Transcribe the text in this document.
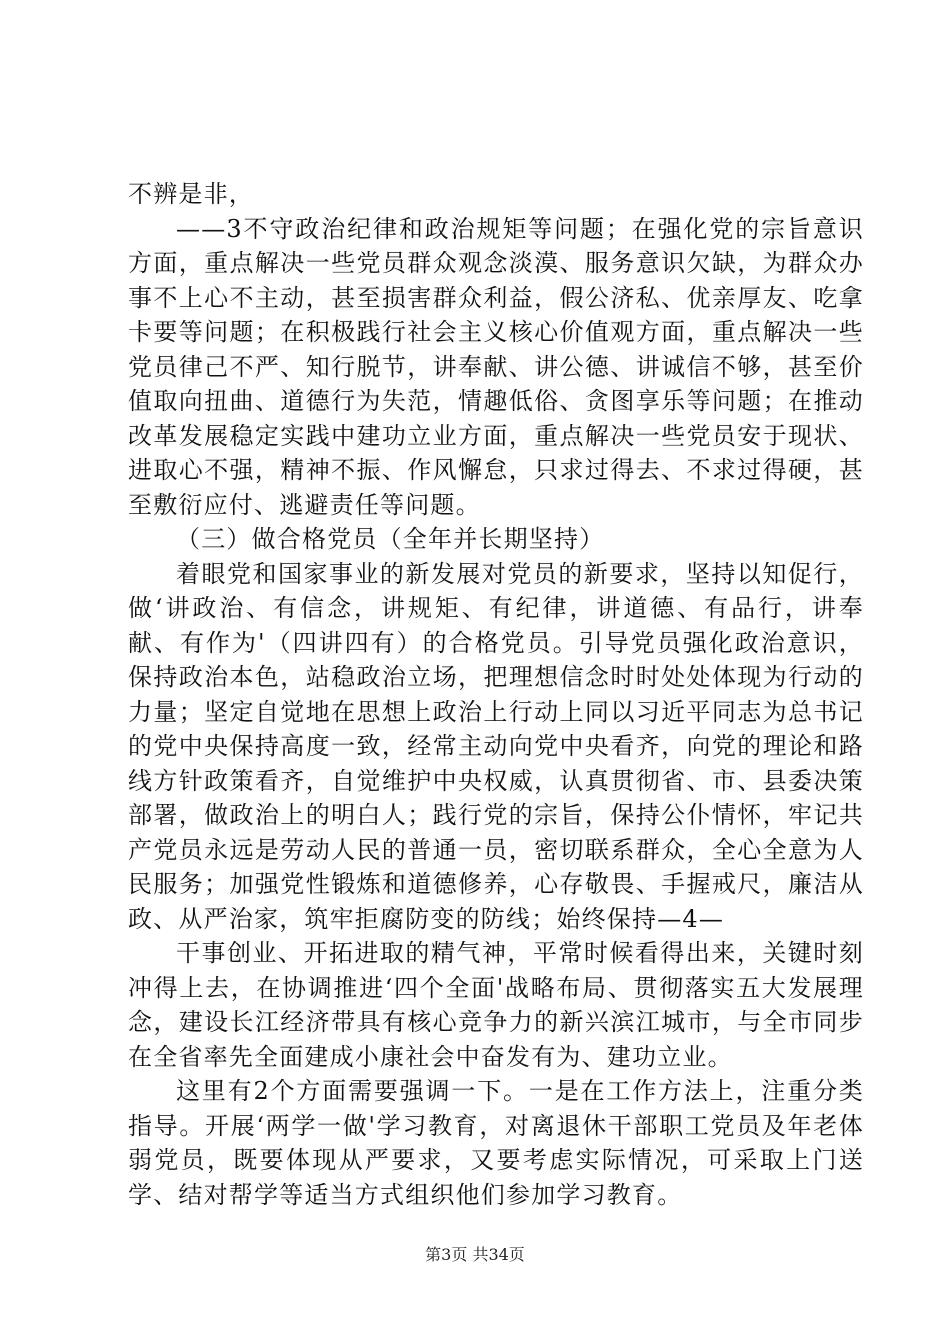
不辨是非，

——3不守政治纪律和政治规矩等问题；在强化党的宗旨意识方面，重点解决一些党员群众观念淡漠、服务意识欠缺，为群众办事不上心不主动，甚至损害群众利益，假公济私、优亲厚友、吃拿卡要等问题；在积极践行社会主义核心价值观方面，重点解决一些党员律己不严、知行脱节，讲奉献、讲公德、讲诚信不够，甚至价值取向扭曲、道德行为失范，情趣低俗、贪图享乐等问题；在推动改革发展稳定实践中建功立业方面，重点解决一些党员安于现状、进取心不强，精神不振、作风懈怠，只求过得去、不求过得硬，甚至敷衍应付、逃避责任等问题。

（三）做合格党员（全年并长期坚持）

着眼党和国家事业的新发展对党员的新要求，坚持以知促行，做‘讲政治、有信念，讲规矩、有纪律，讲道德、有品行，讲奉献、有作为'（四讲四有）的合格党员。引导党员强化政治意识，保持政治本色，站稳政治立场，把理想信念时时处处体现为行动的力量；坚定自觉地在思想上政治上行动上同以习近平同志为总书记的党中央保持高度一致，经常主动向党中央看齐，向党的理论和路线方针政策看齐，自觉维护中央权威，认真贯彻省、市、县委决策部署，做政治上的明白人；践行党的宗旨，保持公仆情怀，牢记共产党员永远是劳动人民的普通一员，密切联系群众，全心全意为人民服务；加强党性锻炼和道德修养，心存敬畏、手握戒尺，廉洁从政、从严治家，筑牢拒腐防变的防线；始终保持—4—

干事创业、开拓进取的精气神，平常时候看得出来，关键时刻冲得上去，在协调推进‘四个全面'战略布局、贯彻落实五大发展理念，建设长江经济带具有核心竞争力的新兴滨江城市，与全市同步在全省率先全面建成小康社会中奋发有为、建功立业。

这里有2个方面需要强调一下。一是在工作方法上，注重分类指导。开展‘两学一做'学习教育，对离退休干部职工党员及年老体弱党员，既要体现从严要求，又要考虑实际情况，可采取上门送学、结对帮学等适当方式组织他们参加学习教育。

第3页 共34页
